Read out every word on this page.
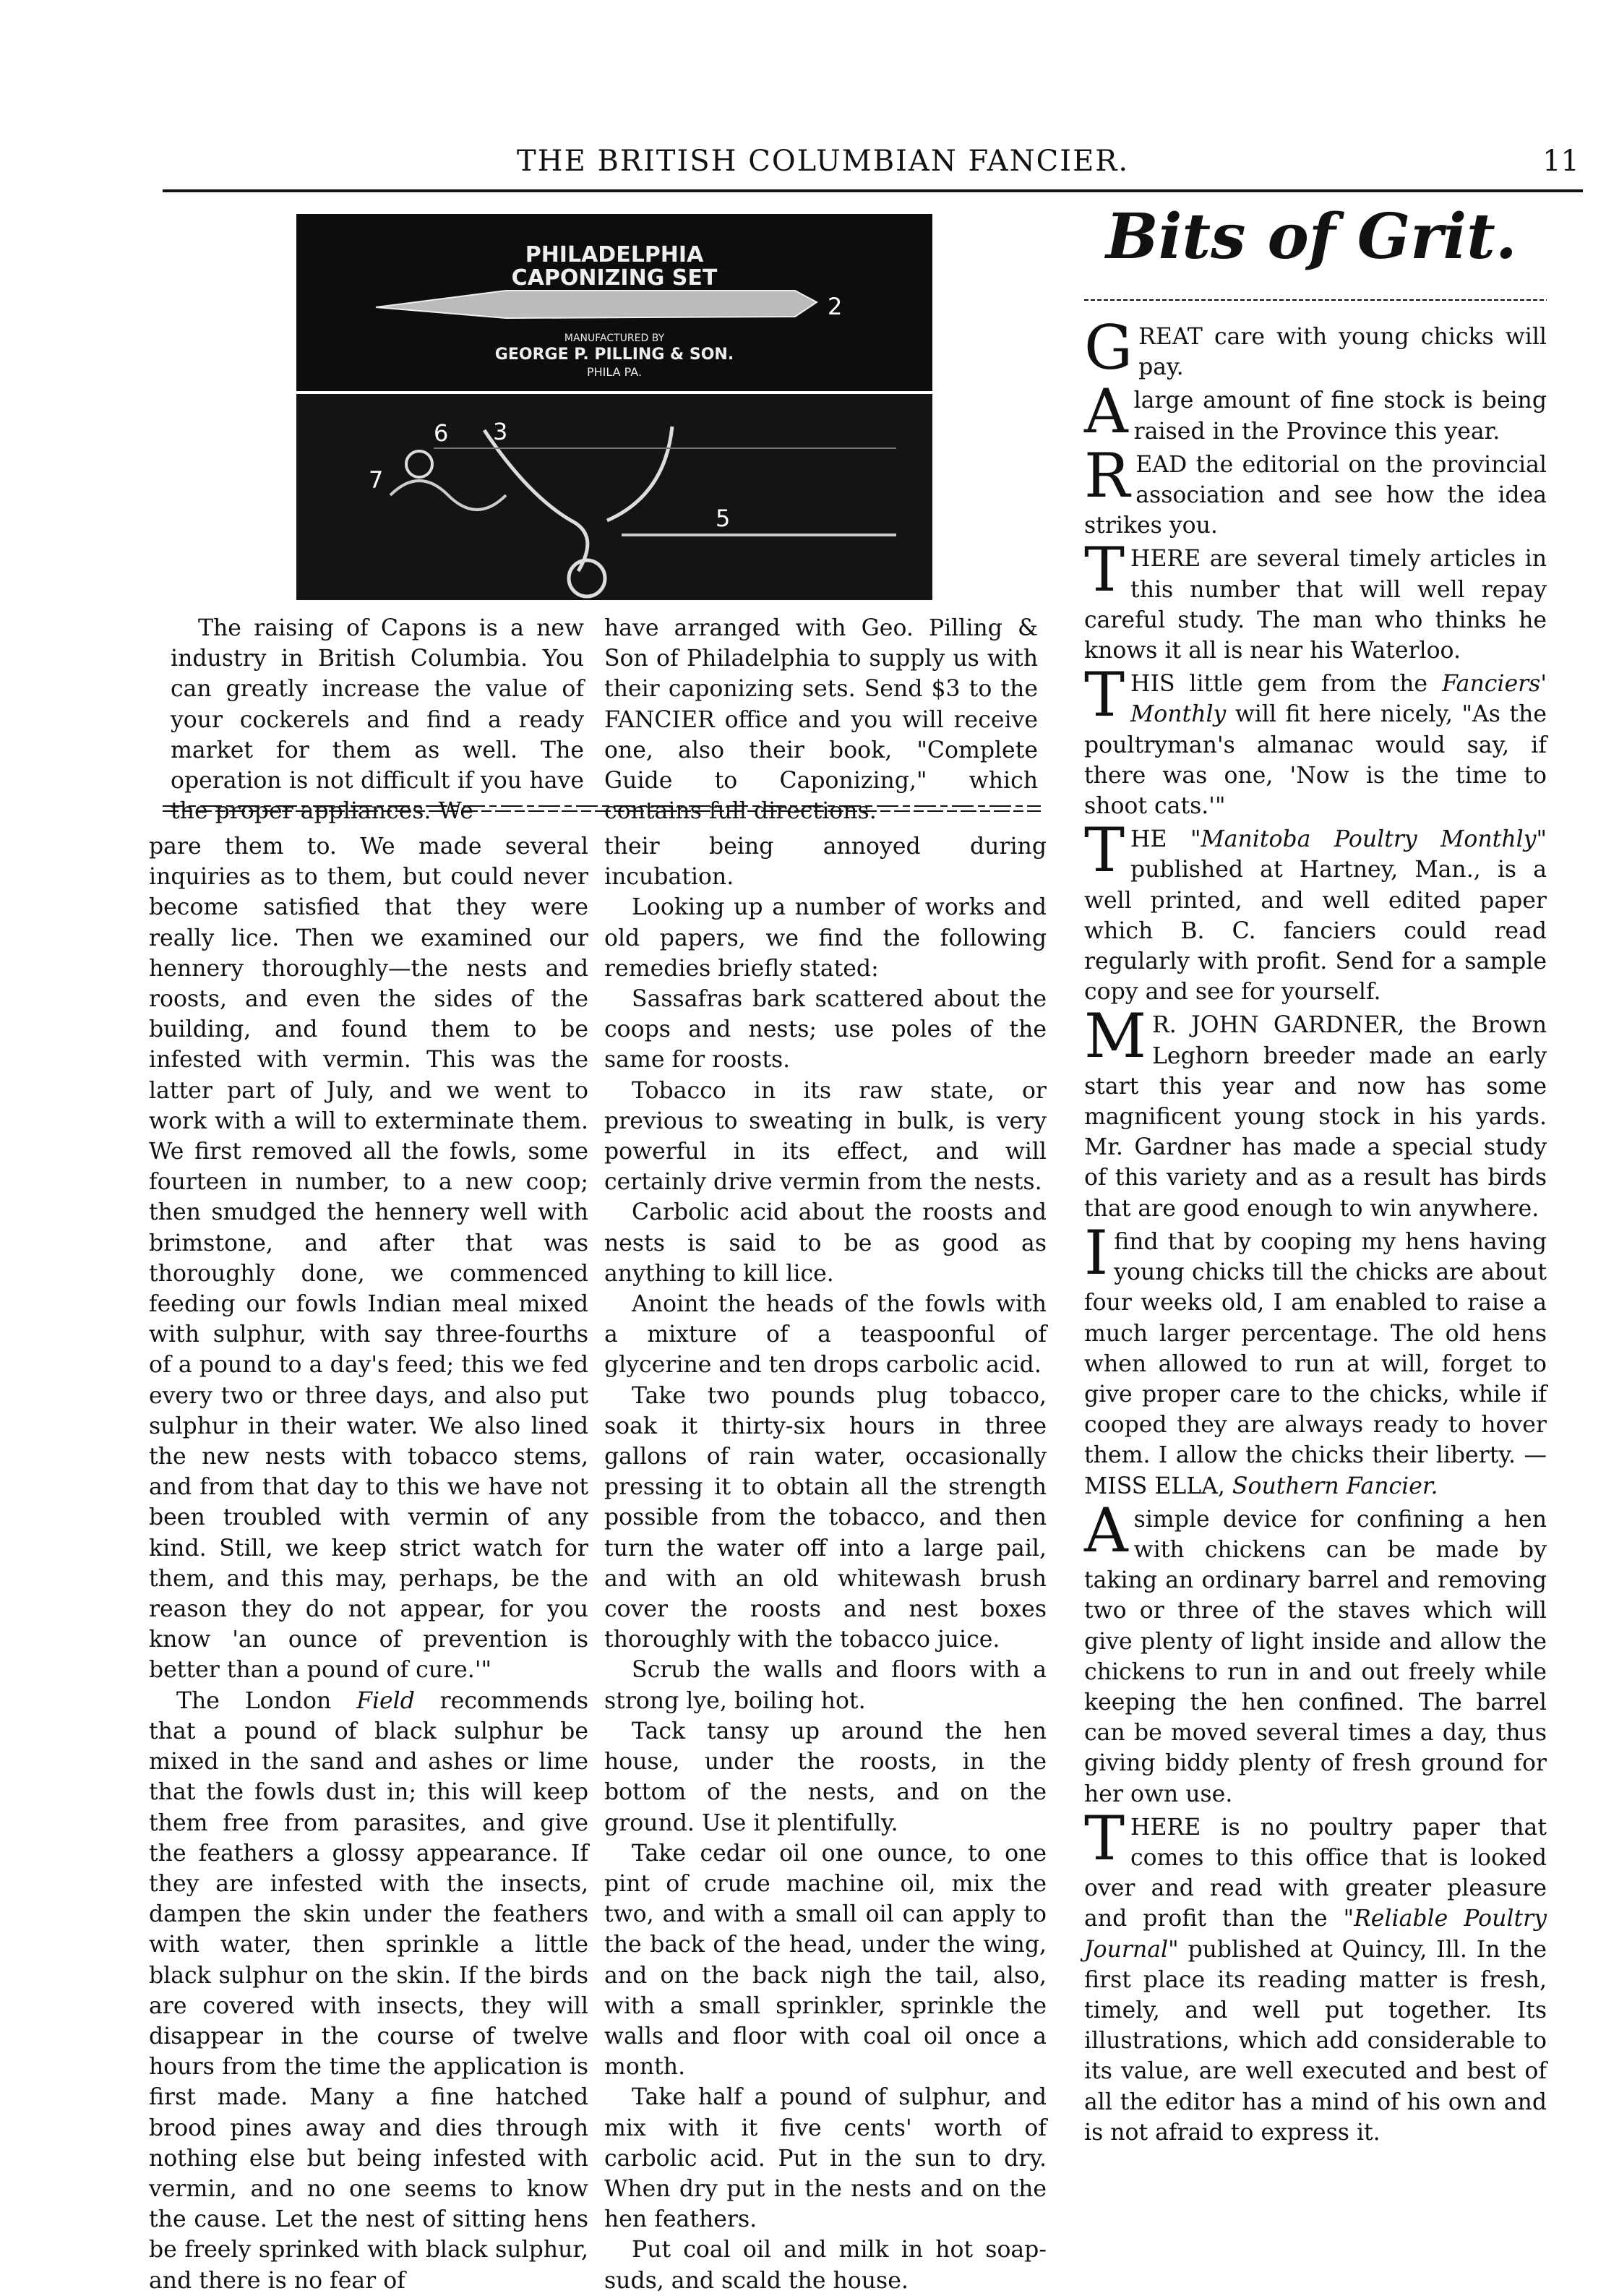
THE BRITISH COLUMBIAN FANCIER.	11
PHILADELPHIA
CAPONIZING SET
MANUFACTURED BY
GEORGE P. PILLING & SON.
PHILA PA.
2
3
5
6
7

The raising of Capons is a new industry in British Columbia. You can greatly increase the value of your cockerels and find a ready market for them as well. The operation is not difficult if you have the proper appliances. We

have arranged with Geo. Pilling & Son of Philadelphia to supply us with their caponizing sets. Send $3 to the FANCIER office and you will receive one, also their book, "Complete Guide to Caponizing," which contains full directions.

pare them to. We made several inquiries as to them, but could never become satisfied that they were really lice. Then we examined our hennery thoroughly—the nests and roosts, and even the sides of the building, and found them to be infested with vermin. This was the latter part of July, and we went to work with a will to exterminate them. We first removed all the fowls, some fourteen in number, to a new coop; then smudged the hennery well with brimstone, and after that was thoroughly done, we commenced feeding our fowls Indian meal mixed with sulphur, with say three-fourths of a pound to a day's feed; this we fed every two or three days, and also put sulphur in their water. We also lined the new nests with tobacco stems, and from that day to this we have not been troubled with vermin of any kind. Still, we keep strict watch for them, and this may, perhaps, be the reason they do not appear, for you know 'an ounce of prevention is better than a pound of cure.'"

The London Field recommends that a pound of black sulphur be mixed in the sand and ashes or lime that the fowls dust in; this will keep them free from parasites, and give the feathers a glossy appearance. If they are infested with the insects, dampen the skin under the feathers with water, then sprinkle a little black sulphur on the skin. If the birds are covered with insects, they will disappear in the course of twelve hours from the time the application is first made. Many a fine hatched brood pines away and dies through nothing else but being infested with vermin, and no one seems to know the cause. Let the nest of sitting hens be freely sprinked with black sulphur, and there is no fear of

their being annoyed during incubation.

Looking up a number of works and old papers, we find the following remedies briefly stated:

Sassafras bark scattered about the coops and nests; use poles of the same for roosts.

Tobacco in its raw state, or previous to sweating in bulk, is very powerful in its effect, and will certainly drive vermin from the nests.

Carbolic acid about the roosts and nests is said to be as good as anything to kill lice.

Anoint the heads of the fowls with a mixture of a teaspoonful of glycerine and ten drops carbolic acid.

Take two pounds plug tobacco, soak it thirty-six hours in three gallons of rain water, occasionally pressing it to obtain all the strength possible from the tobacco, and then turn the water off into a large pail, and with an old whitewash brush cover the roosts and nest boxes thoroughly with the tobacco juice.

Scrub the walls and floors with a strong lye, boiling hot.

Tack tansy up around the hen house, under the roosts, in the bottom of the nests, and on the ground. Use it plentifully.

Take cedar oil one ounce, to one pint of crude machine oil, mix the two, and with a small oil can apply to the back of the head, under the wing, and on the back nigh the tail, also, with a small sprinkler, sprinkle the walls and floor with coal oil once a month.

Take half a pound of sulphur, and mix with it five cents' worth of carbolic acid. Put in the sun to dry. When dry put in the nests and on the hen feathers.

Put coal oil and milk in hot soap-suds, and scald the house.

Bits of Grit.

GREAT care with young chicks will pay.

A large amount of fine stock is being raised in the Province this year.

READ the editorial on the provincial association and see how the idea strikes you.

THERE are several timely articles in this number that will well repay careful study. The man who thinks he knows it all is near his Waterloo.

THIS little gem from the Fanciers' Monthly will fit here nicely, "As the poultryman's almanac would say, if there was one, 'Now is the time to shoot cats.'"

THE "Manitoba Poultry Monthly" published at Hartney, Man., is a well printed, and well edited paper which B. C. fanciers could read regularly with profit. Send for a sample copy and see for yourself.

M R. JOHN GARDNER, the Brown Leghorn breeder made an early start this year and now has some magnificent young stock in his yards. Mr. Gardner has made a special study of this variety and as a result has birds that are good enough to win anywhere.

I find that by cooping my hens having young chicks till the chicks are about four weeks old, I am enabled to raise a much larger percentage. The old hens when allowed to run at will, forget to give proper care to the chicks, while if cooped they are always ready to hover them. I allow the chicks their liberty. —MISS ELLA, Southern Fancier.

A simple device for confining a hen with chickens can be made by taking an ordinary barrel and removing two or three of the staves which will give plenty of light inside and allow the chickens to run in and out freely while keeping the hen confined. The barrel can be moved several times a day, thus giving biddy plenty of fresh ground for her own use.

THERE is no poultry paper that comes to this office that is looked over and read with greater pleasure and profit than the "Reliable Poultry Journal" published at Quincy, Ill. In the first place its reading matter is fresh, timely, and well put together. Its illustrations, which add considerable to its value, are well executed and best of all the editor has a mind of his own and is not afraid to express it.
